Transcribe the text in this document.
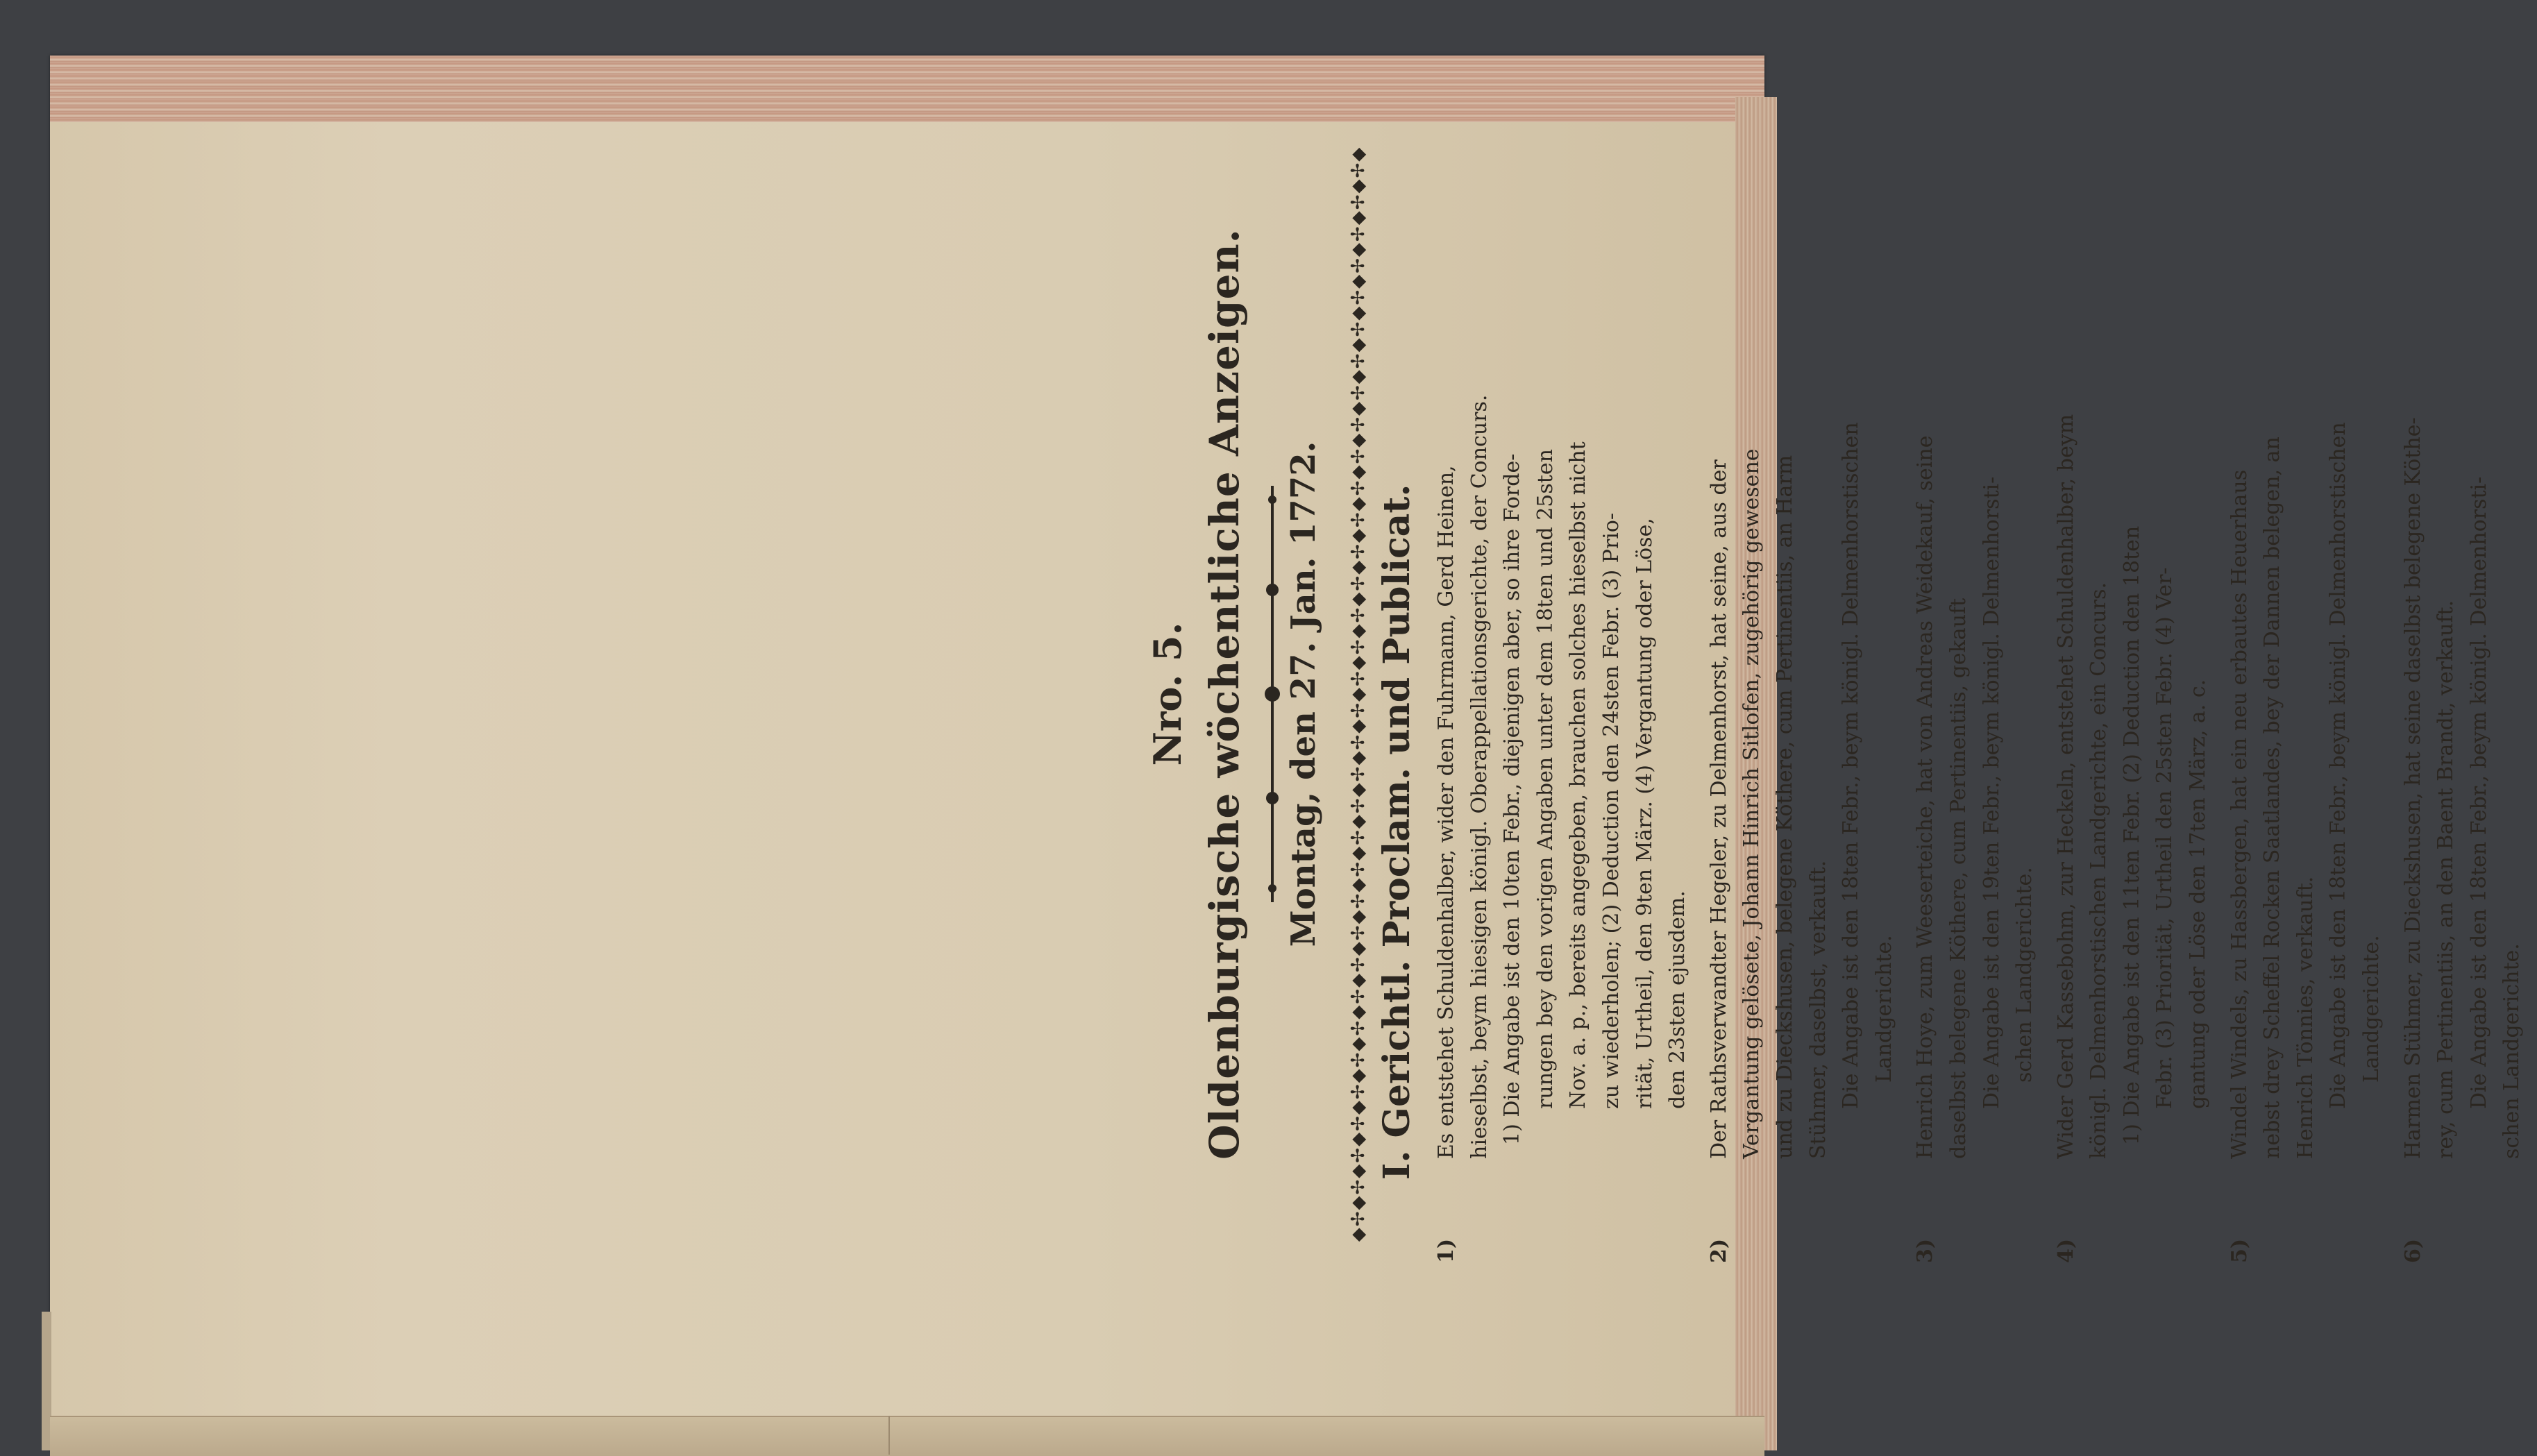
Nro. 5. Oldenburgische wöchentliche Anzeigen. Montag, den 27. Jan. 1772. ◆✢◆✢◆✢◆✢◆✢◆✢◆✢◆✢◆✢◆✢◆✢◆✢◆✢◆✢◆✢◆✢◆✢◆✢◆✢◆✢◆✢◆✢◆✢◆✢◆✢◆✢◆✢◆✢◆✢◆✢◆✢◆✢◆✢◆✢◆ I. Gerichtl. Proclam. und Publicat.
1)
Es entstehet Schuldenhalber, wider den Fuhrmann, Gerd Heinen, hieselbst, beym hiesigen königl. Oberappellationsgerichte, der Concurs. 1) Die Angabe ist den 10ten Febr., diejenigen aber, so ihre Forde- rungen bey den vorigen Angaben unter dem 18ten und 25sten Nov. a. p., bereits angegeben, brauchen solches hieselbst nicht zu wiederholen; (2) Deduction den 24sten Febr. (3) Prio- rität, Urtheil, den 9ten März. (4) Vergantung oder Löse, den 23sten ejusdem.
2)
Der Rathsverwandter Hegeler, zu Delmenhorst, hat seine, aus der Vergantung gelösete, Johann Hinrich Sitlofen, zugehörig gewesene und zu Dieckshusen, belegene Köthere, cum Pertinentiis, an Harm Stühmer, daselbst, verkauft. Die Angabe ist den 18ten Febr., beym königl. Delmenhorstischen Landgerichte.
3)
Henrich Hoye, zum Weeserteiche, hat von Andreas Weidekauf, seine daselbst belegene Köthere, cum Pertinentiis, gekauft Die Angabe ist den 19ten Febr., beym königl. Delmenhorsti- schen Landgerichte.
4)
Wider Gerd Kassebohm, zur Heckeln, entstehet Schuldenhalber, beym königl. Delmenhorstischen Landgerichte, ein Concurs. 1) Die Angabe ist den 11ten Febr. (2) Deduction den 18ten Febr. (3) Priorität, Urtheil den 25sten Febr. (4) Ver- gantung oder Löse den 17ten März, a. c.
5)
Windel Windels, zu Hassbergen, hat ein neu erbautes Heuerhaus nebst drey Scheffel Rocken Saatlandes, bey der Dannen belegen, an Henrich Tönnies, verkauft. Die Angabe ist den 18ten Febr., beym königl. Delmenhorstischen Landgerichte.
6)
Harmen Stühmer, zu Dieckshusen, hat seine daselbst belegene Köthe- rey, cum Pertinentiis, an den Baent Brandt, verkauft. Die Angabe ist den 18ten Febr., beym königl. Delmenhorsti- schen Landgerichte.
